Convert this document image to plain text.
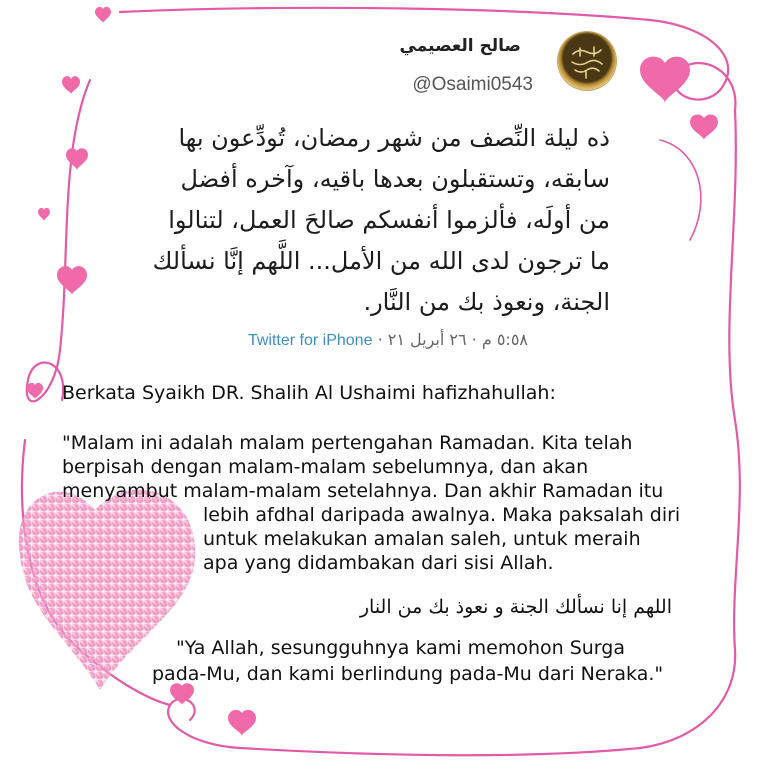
صالح العصيمي
@Osaimi0543
ذه ليلة النِّصف من شهر رمضان، تُودِّعون بها
سابقه، وتستقبلون بعدها باقيه، وآخره أفضل
من أولَه، فألزموا أنفسكم صالحَ العمل، لتنالوا
ما ترجون لدى الله من الأمل... اللَّهم إنَّا نسألك
الجنة، ونعوذ بك من النَّار.
٥:٥٨ م · ٢٦ أبريل ٢١ · Twitter for iPhone
Berkata Syaikh DR. Shalih Al Ushaimi hafizhahullah:
"Malam ini adalah malam pertengahan Ramadan. Kita telah
berpisah dengan malam-malam sebelumnya, dan akan
menyambut malam-malam setelahnya. Dan akhir Ramadan itu
lebih afdhal daripada awalnya. Maka paksalah diri
untuk melakukan amalan saleh, untuk meraih
apa yang didambakan dari sisi Allah.
اللهم إنا نسألك الجنة و نعوذ بك من النار
"Ya Allah, sesungguhnya kami memohon Surga
pada-Mu, dan kami berlindung pada-Mu dari Neraka."
